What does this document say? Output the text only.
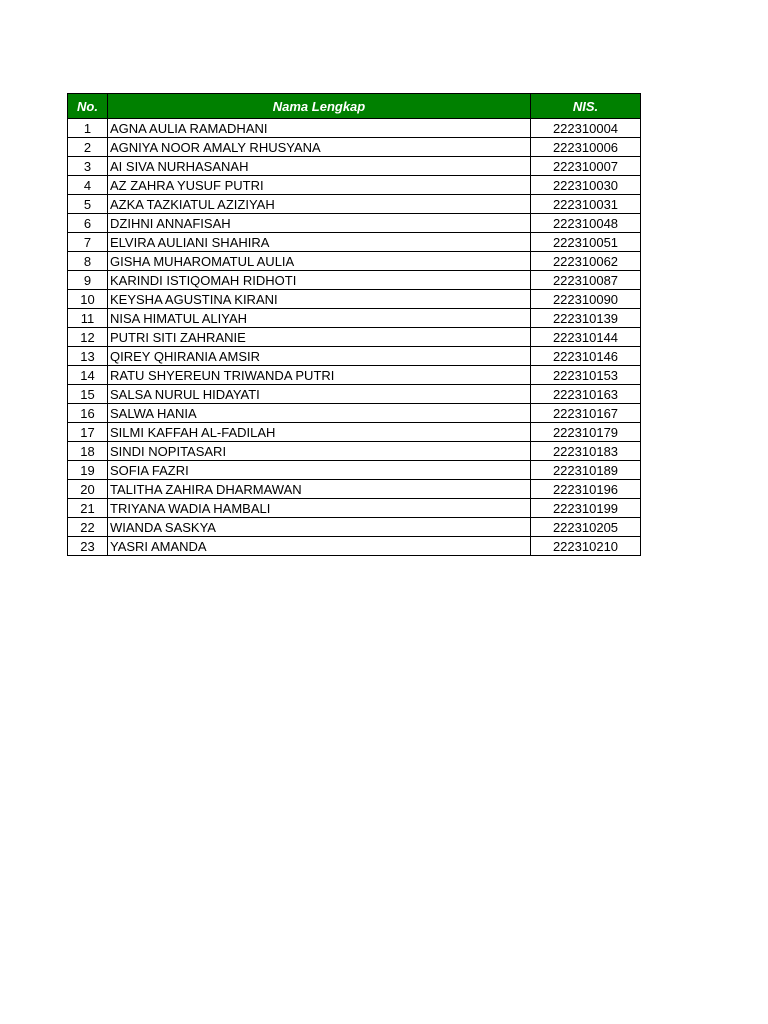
No.	Nama Lengkap	NIS.
1	AGNA AULIA RAMADHANI	222310004
2	AGNIYA NOOR AMALY RHUSYANA	222310006
3	AI SIVA NURHASANAH	222310007
4	AZ ZAHRA YUSUF PUTRI	222310030
5	AZKA TAZKIATUL AZIZIYAH	222310031
6	DZIHNI ANNAFISAH	222310048
7	ELVIRA AULIANI SHAHIRA	222310051
8	GISHA MUHAROMATUL AULIA	222310062
9	KARINDI ISTIQOMAH RIDHOTI	222310087
10	KEYSHA AGUSTINA KIRANI	222310090
11	NISA HIMATUL ALIYAH	222310139
12	PUTRI SITI ZAHRANIE	222310144
13	QIREY QHIRANIA AMSIR	222310146
14	RATU SHYEREUN TRIWANDA PUTRI	222310153
15	SALSA NURUL HIDAYATI	222310163
16	SALWA HANIA	222310167
17	SILMI KAFFAH AL-FADILAH	222310179
18	SINDI NOPITASARI	222310183
19	SOFIA FAZRI	222310189
20	TALITHA ZAHIRA DHARMAWAN	222310196
21	TRIYANA WADIA HAMBALI	222310199
22	WIANDA SASKYA	222310205
23	YASRI AMANDA	222310210
